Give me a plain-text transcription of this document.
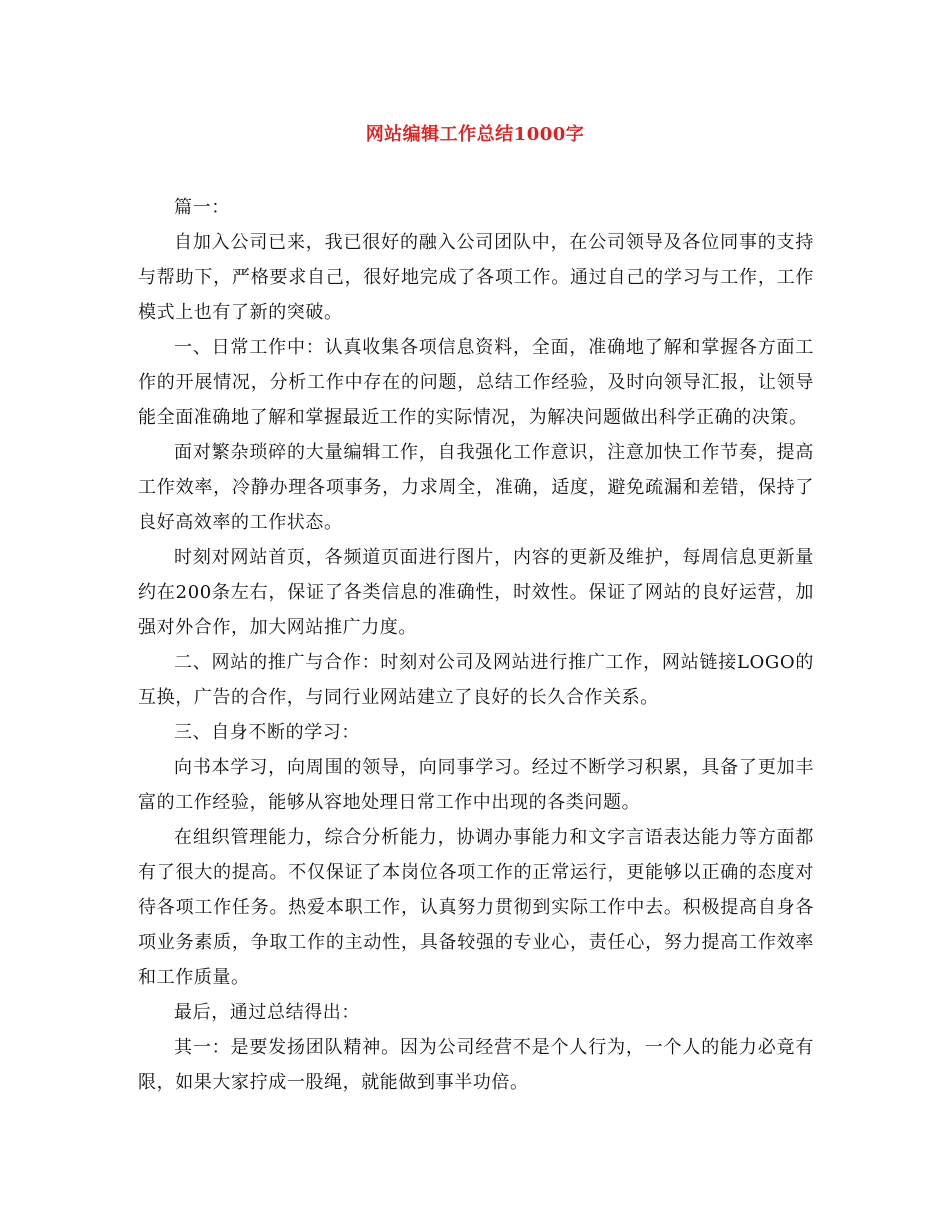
网站编辑工作总结1000字

篇一：

自加入公司已来，我已很好的融入公司团队中，在公司领导及各位同事的支持与帮助下，严格要求自己，很好地完成了各项工作。通过自己的学习与工作，工作模式上也有了新的突破。

一、日常工作中：认真收集各项信息资料，全面，准确地了解和掌握各方面工作的开展情况，分析工作中存在的问题，总结工作经验，及时向领导汇报，让领导能全面准确地了解和掌握最近工作的实际情况，为解决问题做出科学正确的决策。

面对繁杂琐碎的大量编辑工作，自我强化工作意识，注意加快工作节奏，提高工作效率，冷静办理各项事务，力求周全，准确，适度，避免疏漏和差错，保持了良好高效率的工作状态。

时刻对网站首页，各频道页面进行图片，内容的更新及维护，每周信息更新量约在200条左右，保证了各类信息的准确性，时效性。保证了网站的良好运营，加强对外合作，加大网站推广力度。

二、网站的推广与合作：时刻对公司及网站进行推广工作，网站链接LOGO的互换，广告的合作，与同行业网站建立了良好的长久合作关系。

三、自身不断的学习：

向书本学习，向周围的领导，向同事学习。经过不断学习积累，具备了更加丰富的工作经验，能够从容地处理日常工作中出现的各类问题。

在组织管理能力，综合分析能力，协调办事能力和文字言语表达能力等方面都有了很大的提高。不仅保证了本岗位各项工作的正常运行，更能够以正确的态度对待各项工作任务。热爱本职工作，认真努力贯彻到实际工作中去。积极提高自身各项业务素质，争取工作的主动性，具备较强的专业心，责任心，努力提高工作效率和工作质量。

最后，通过总结得出：

其一：是要发扬团队精神。因为公司经营不是个人行为，一个人的能力必竟有限，如果大家拧成一股绳，就能做到事半功倍。
